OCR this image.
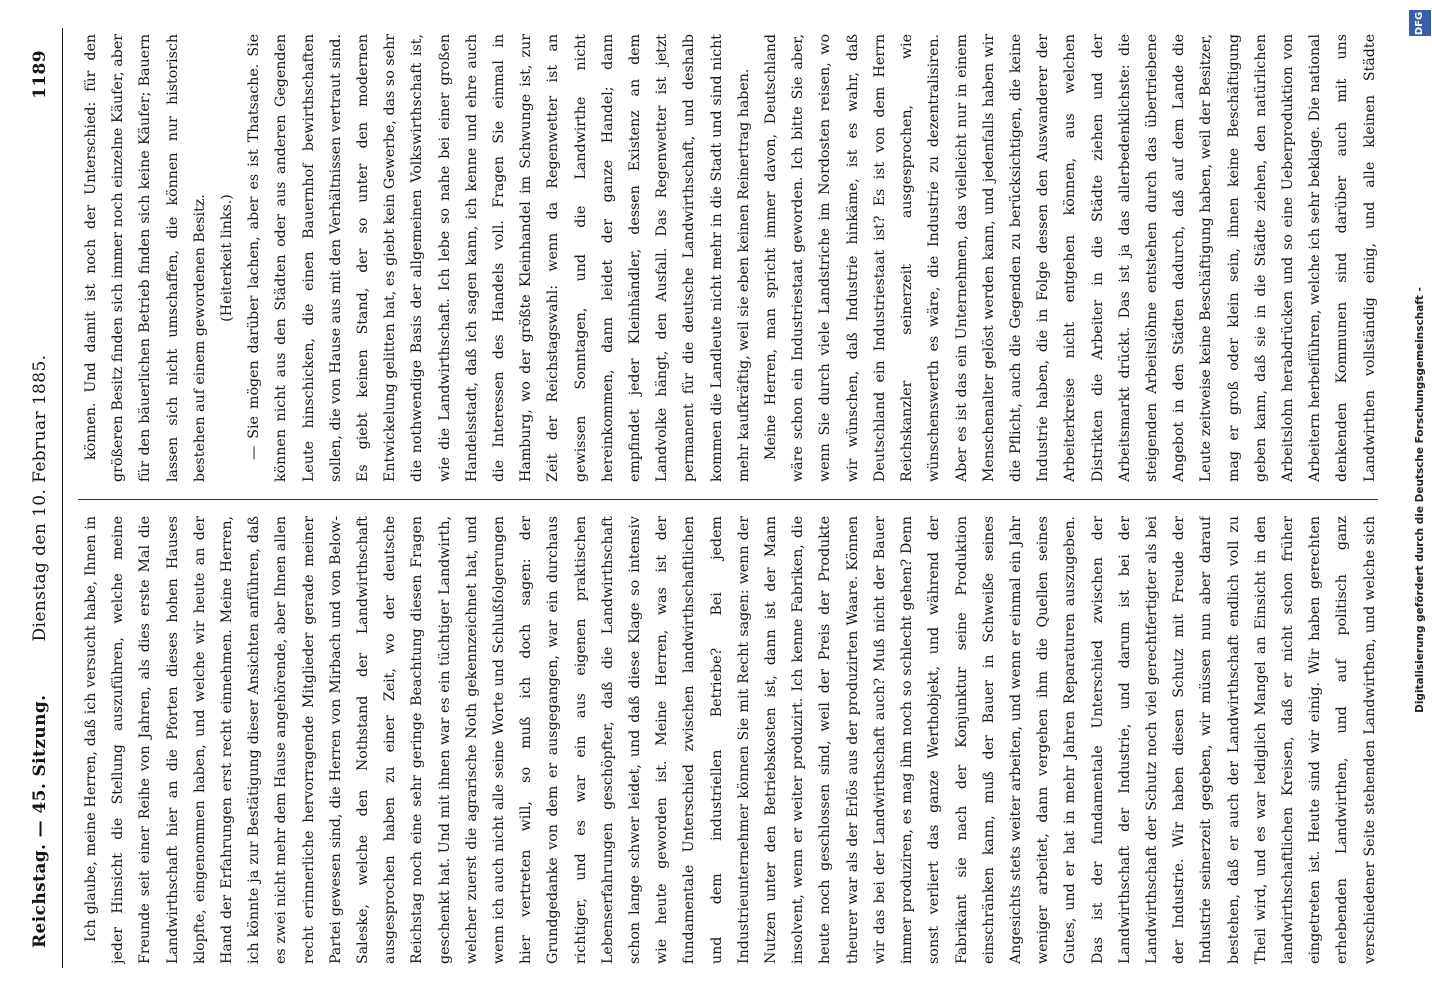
Reichstag. — 45. Sitzung.
Dienstag den 10. Februar 1885.
1189

Ich glaube, meine Herren, daß ich versucht habe, Ihnen in jeder Hinsicht die Stellung auszuführen, welche meine Freunde seit einer Reihe von Jahren, als dies erste Mal die Landwirthschaft hier an die Pforten dieses hohen Hauses klopfte, eingenommen haben, und welche wir heute an der Hand der Erfahrungen erst recht einnehmen. Meine Herren, ich könnte ja zur Bestätigung dieser Ansichten anführen, daß es zwei nicht mehr dem Hause angehörende, aber Ihnen allen recht erinnerliche hervorragende Mitglieder gerade meiner Partei gewesen sind, die Herren von Mirbach und von Below-Saleske, welche den Nothstand der Landwirthschaft ausgesprochen haben zu einer Zeit, wo der deutsche Reichstag noch eine sehr geringe Beachtung diesen Fragen geschenkt hat. Und mit ihnen war es ein tüchtiger Landwirth, welcher zuerst die agrarische Noth gekennzeichnet hat, und wenn ich auch nicht alle seine Worte und Schlußfolgerungen hier vertreten will, so muß ich doch sagen: der Grundgedanke von dem er ausgegangen, war ein durchaus richtiger, und es war ein aus eigenen praktischen Lebenserfahrungen geschöpfter, daß die Landwirthschaft schon lange schwer leidet, und daß diese Klage so intensiv wie heute geworden ist. Meine Herren, was ist der fundamentale Unterschied zwischen landwirthschaftlichen und dem industriellen Betriebe? Bei jedem Industrieunternehmer können Sie mit Recht sagen: wenn der Nutzen unter den Betriebskosten ist, dann ist der Mann insolvent, wenn er weiter produzirt. Ich kenne Fabriken, die heute noch geschlossen sind, weil der Preis der Produkte theurer war als der Erlös aus der produzirten Waare. Können wir das bei der Landwirthschaft auch? Muß nicht der Bauer immer produziren, es mag ihm noch so schlecht gehen? Denn sonst verliert das ganze Werthobjekt, und während der Fabrikant sie nach der Konjunktur seine Produktion einschränken kann, muß der Bauer in Schweiße seines Angesichts stets weiter arbeiten, und wenn er einmal ein Jahr weniger arbeitet, dann vergehen ihm die Quellen seines Gutes, und er hat in mehr Jahren Reparaturen auszugeben. Das ist der fundamentale Unterschied zwischen der Landwirthschaft der Industrie, und darum ist bei der Landwirthschaft der Schutz noch viel gerechtfertigter als bei der Industrie. Wir haben diesen Schutz mit Freude der Industrie seinerzeit gegeben, wir müssen nun aber darauf bestehen, daß er auch der Landwirthschaft endlich voll zu Theil wird, und es war lediglich Mangel an Einsicht in den landwirthschaftlichen Kreisen, daß er nicht schon früher eingetreten ist. Heute sind wir einig. Wir haben gerechten erhebenden Landwirthen, und auf politisch ganz verschiedener Seite stehenden Landwirthen, und welche sich

können. Und damit ist noch der Unterschied: für den größeren Besitz finden sich immer noch einzelne Käufer, aber für den bäuerlichen Betrieb finden sich keine Käufer; Bauern lassen sich nicht umschaffen, die können nur historisch bestehen auf einem gewordenen Besitz. (Heiterkeit links.) — Sie mögen darüber lachen, aber es ist Thatsache. Sie können nicht aus den Städten oder aus anderen Gegenden Leute hinschicken, die einen Bauernhof bewirthschaften sollen, die von Hause aus mit den Verhältnissen vertraut sind. Es giebt keinen Stand, der so unter den modernen Entwickelung gelitten hat, es giebt kein Gewerbe, das so sehr die nothwendige Basis der allgemeinen Volkswirthschaft ist, wie die Landwirthschaft. Ich lebe so nahe bei einer großen Handelsstadt, daß ich sagen kann, ich kenne und ehre auch die Interessen des Handels voll. Fragen Sie einmal in Hamburg, wo der größte Kleinhandel im Schwunge ist, zur Zeit der Reichstagswahl: wenn da Regenwetter ist an gewissen Sonntagen, und die Landwirthe nicht hereinkommen, dann leidet der ganze Handel; dann empfindet jeder Kleinhändler, dessen Existenz an dem Landvolke hängt, den Ausfall. Das Regenwetter ist jetzt permanent für die deutsche Landwirthschaft, und deshalb kommen die Landleute nicht mehr in die Stadt und sind nicht mehr kaufkräftig, weil sie eben keinen Reinertrag haben. Meine Herren, man spricht immer davon, Deutschland wäre schon ein Industriestaat geworden. Ich bitte Sie aber, wenn Sie durch viele Landstriche im Nordosten reisen, wo wir wünschen, daß Industrie hinkäme, ist es wahr, daß Deutschland ein Industriestaat ist? Es ist von dem Herrn Reichskanzler seinerzeit ausgesprochen, wie wünschenswerth es wäre, die Industrie zu dezentralisiren. Aber es ist das ein Unternehmen, das vielleicht nur in einem Menschenalter gelöst werden kann, und jedenfalls haben wir die Pflicht, auch die Gegenden zu berücksichtigen, die keine Industrie haben, die in Folge dessen den Auswanderer der Arbeiterkreise nicht entgehen können, aus welchen Distrikten die Arbeiter in die Städte ziehen und der Arbeitsmarkt drückt. Das ist ja das allerbedenklichste: die steigenden Arbeitslöhne entstehen durch das übertriebene Angebot in den Städten dadurch, daß auf dem Lande die Leute zeitweise keine Beschäftigung haben, weil der Besitzer, mag er groß oder klein sein, ihnen keine Beschäftigung geben kann, daß sie in die Städte ziehen, den natürlichen Arbeitslohn herabdrücken und so eine Ueberproduktion von Arbeitern herbeiführen, welche ich sehr beklage. Die national denkenden Kommunen sind darüber auch mit uns Landwirthen vollständig einig, und alle kleinen Städte

DFG
Digitalisierung gefördert durch die Deutsche Forschungsgemeinschaft -
